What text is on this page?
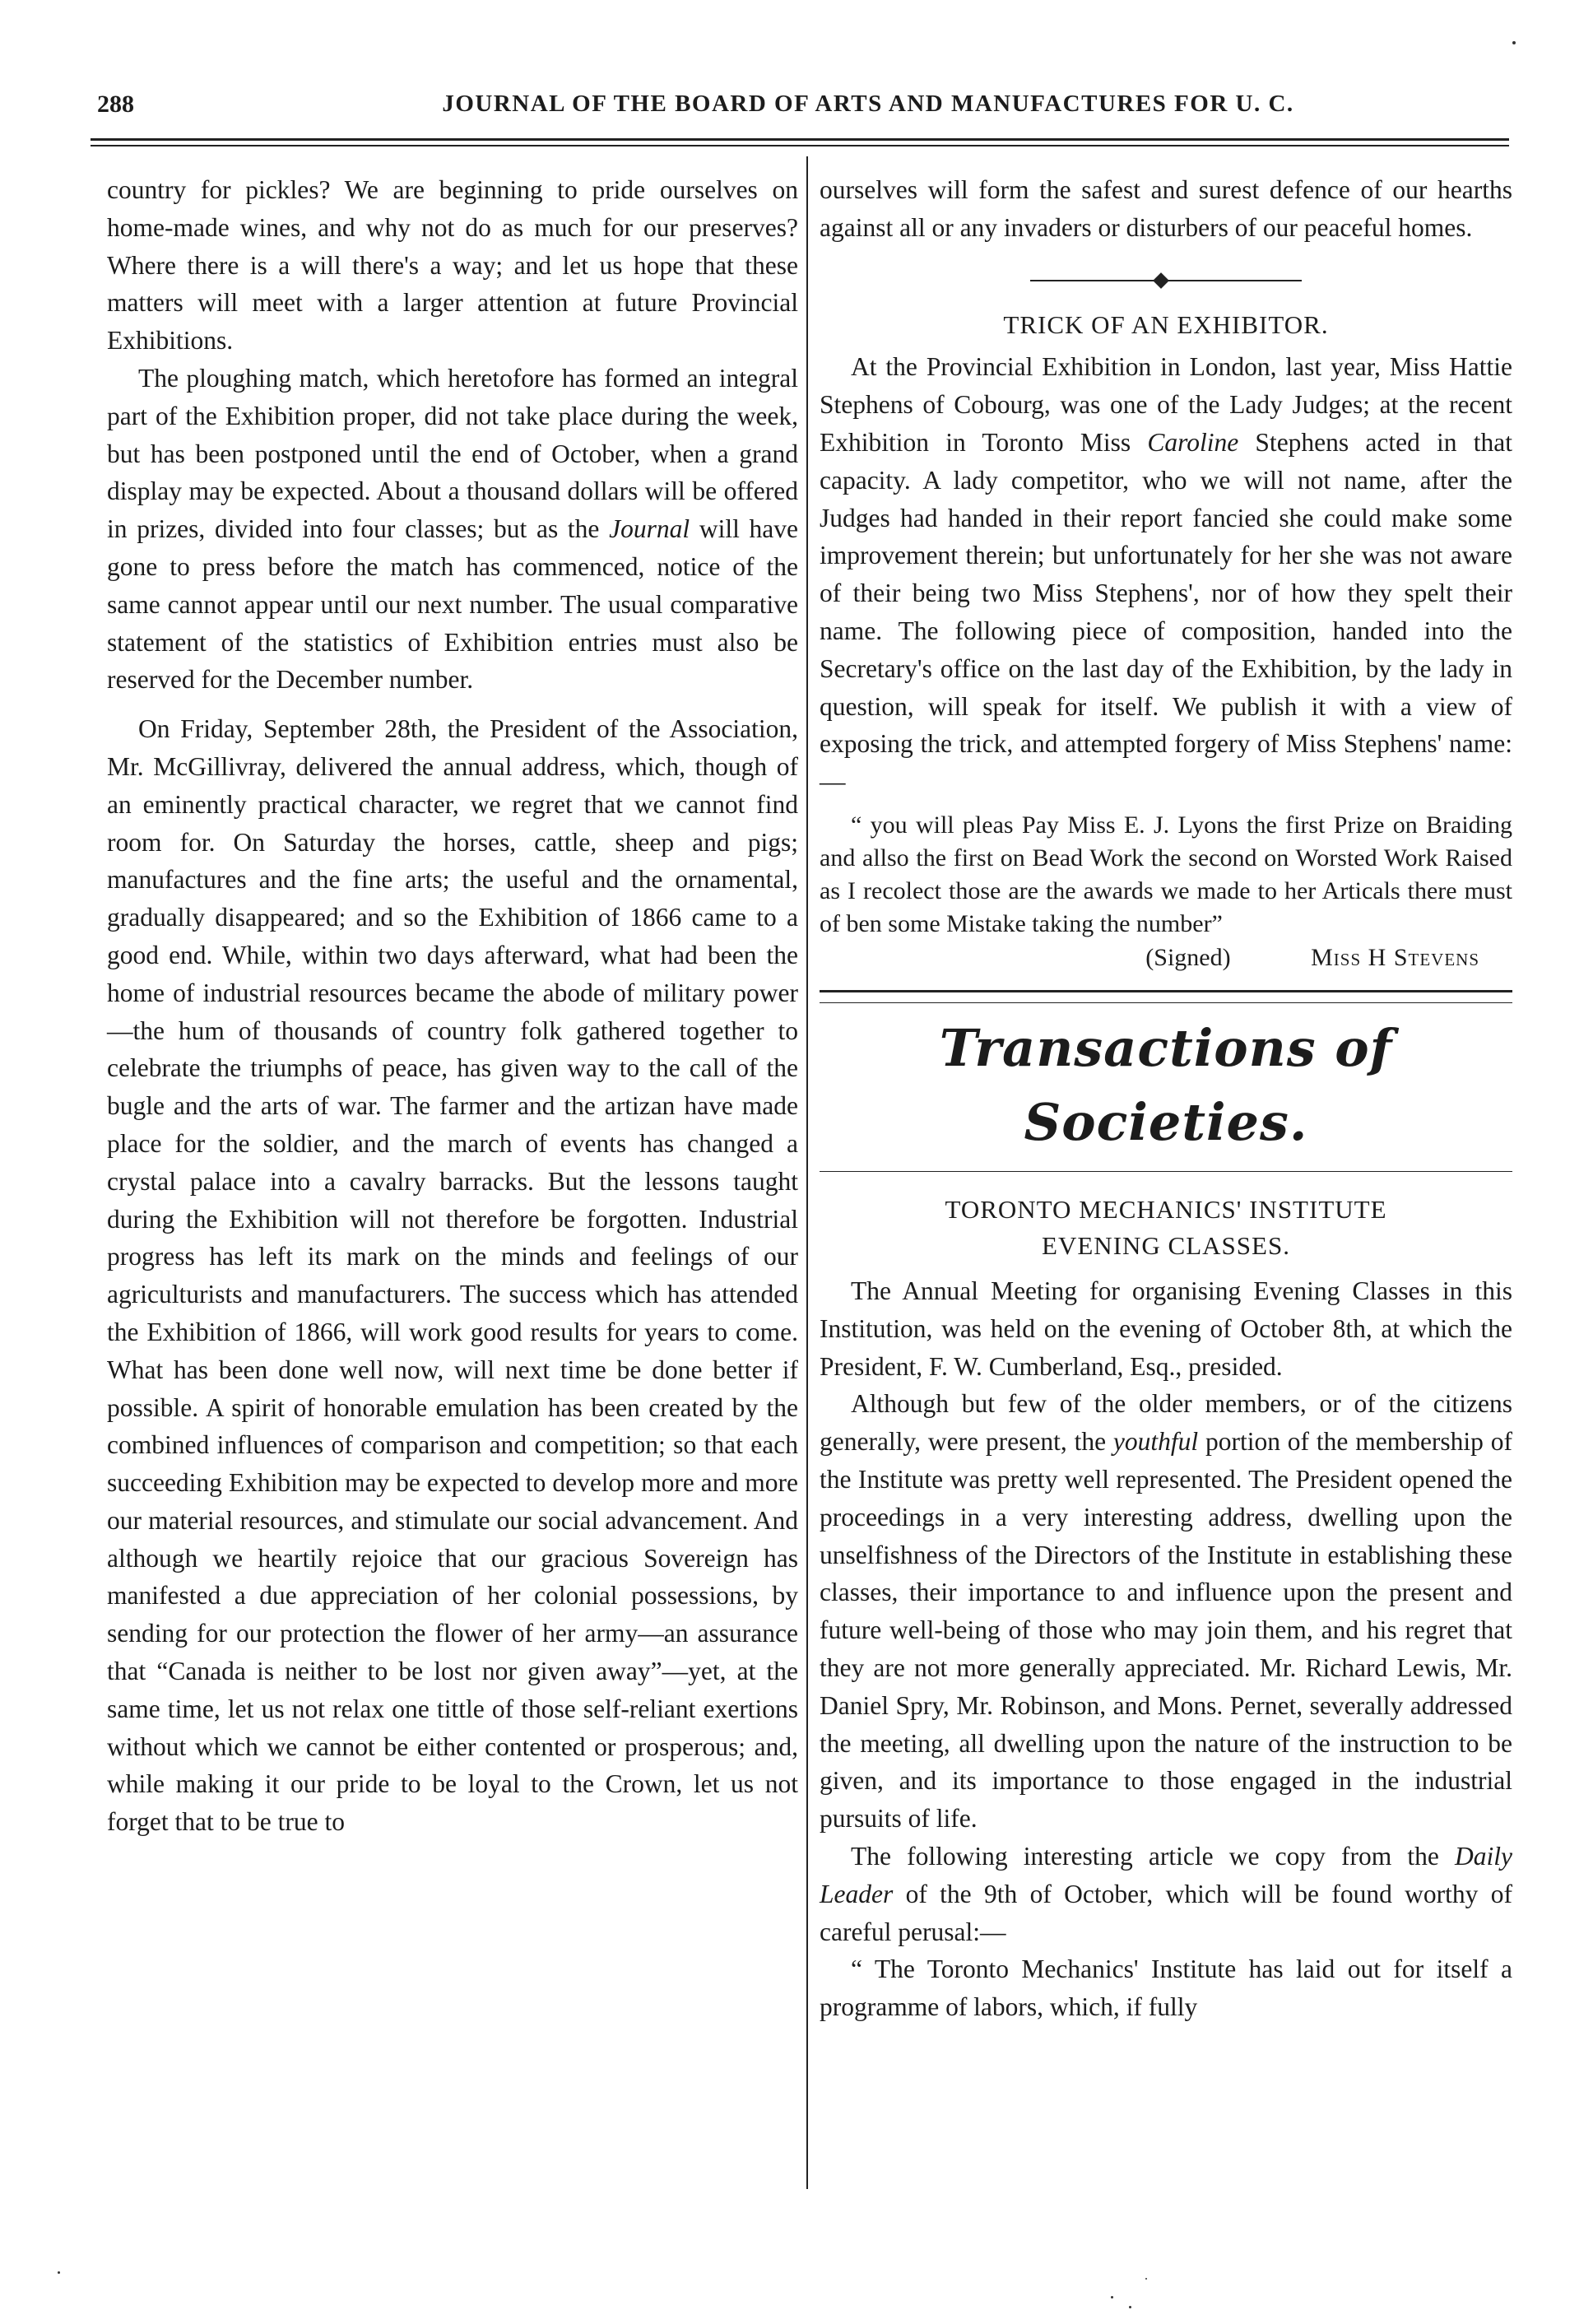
288	JOURNAL OF THE BOARD OF ARTS AND MANUFACTURES FOR U. C.

country for pickles? We are beginning to pride ourselves on home-made wines, and why not do as much for our preserves? Where there is a will there's a way; and let us hope that these matters will meet with a larger attention at future Provincial Exhibitions.

The ploughing match, which heretofore has formed an integral part of the Exhibition proper, did not take place during the week, but has been postponed until the end of October, when a grand display may be expected. About a thousand dollars will be offered in prizes, divided into four classes; but as the Journal will have gone to press before the match has commenced, notice of the same cannot appear until our next number. The usual comparative statement of the statistics of Exhibition entries must also be reserved for the December number.

On Friday, September 28th, the President of the Association, Mr. McGillivray, delivered the annual address, which, though of an eminently practical character, we regret that we cannot find room for. On Saturday the horses, cattle, sheep and pigs; manufactures and the fine arts; the useful and the ornamental, gradually disappeared; and so the Exhibition of 1866 came to a good end. While, within two days afterward, what had been the home of industrial resources became the abode of military power—the hum of thousands of country folk gathered together to celebrate the triumphs of peace, has given way to the call of the bugle and the arts of war. The farmer and the artizan have made place for the soldier, and the march of events has changed a crystal palace into a cavalry barracks. But the lessons taught during the Exhibition will not therefore be forgotten. Industrial progress has left its mark on the minds and feelings of our agriculturists and manufacturers. The success which has attended the Exhibition of 1866, will work good results for years to come. What has been done well now, will next time be done better if possible. A spirit of honorable emulation has been created by the combined influences of comparison and competition; so that each succeeding Exhibition may be expected to develop more and more our material resources, and stimulate our social advancement. And although we heartily rejoice that our gracious Sovereign has manifested a due appreciation of her colonial possessions, by sending for our protection the flower of her army—an assurance that “Canada is neither to be lost nor given away”—yet, at the same time, let us not relax one tittle of those self-reliant exertions without which we cannot be either contented or prosperous; and, while making it our pride to be loyal to the Crown, let us not forget that to be true to

ourselves will form the safest and surest defence of our hearths against all or any invaders or disturbers of our peaceful homes.

TRICK OF AN EXHIBITOR.

At the Provincial Exhibition in London, last year, Miss Hattie Stephens of Cobourg, was one of the Lady Judges; at the recent Exhibition in Toronto Miss Caroline Stephens acted in that capacity. A lady competitor, who we will not name, after the Judges had handed in their report fancied she could make some improvement therein; but unfortunately for her she was not aware of their being two Miss Stephens', nor of how they spelt their name. The following piece of composition, handed into the Secretary's office on the last day of the Exhibition, by the lady in question, will speak for itself. We publish it with a view of exposing the trick, and attempted forgery of Miss Stephens' name:—

“ you will pleas Pay Miss E. J. Lyons the first Prize on Braiding and allso the first on Bead Work the second on Worsted Work Raised as I recolect those are the awards we made to her Articals there must of ben some Mistake taking the number”

(Signed)	Miss H Stevens
Transactions of Societies.
TORONTO MECHANICS' INSTITUTE
EVENING CLASSES.

The Annual Meeting for organising Evening Classes in this Institution, was held on the evening of October 8th, at which the President, F. W. Cumberland, Esq., presided.

Although but few of the older members, or of the citizens generally, were present, the youthful portion of the membership of the Institute was pretty well represented. The President opened the proceedings in a very interesting address, dwelling upon the unselfishness of the Directors of the Institute in establishing these classes, their importance to and influence upon the present and future well-being of those who may join them, and his regret that they are not more generally appreciated. Mr. Richard Lewis, Mr. Daniel Spry, Mr. Robinson, and Mons. Pernet, severally addressed the meeting, all dwelling upon the nature of the instruction to be given, and its importance to those engaged in the industrial pursuits of life.

The following interesting article we copy from the Daily Leader of the 9th of October, which will be found worthy of careful perusal:—

“ The Toronto Mechanics' Institute has laid out for itself a programme of labors, which, if fully
